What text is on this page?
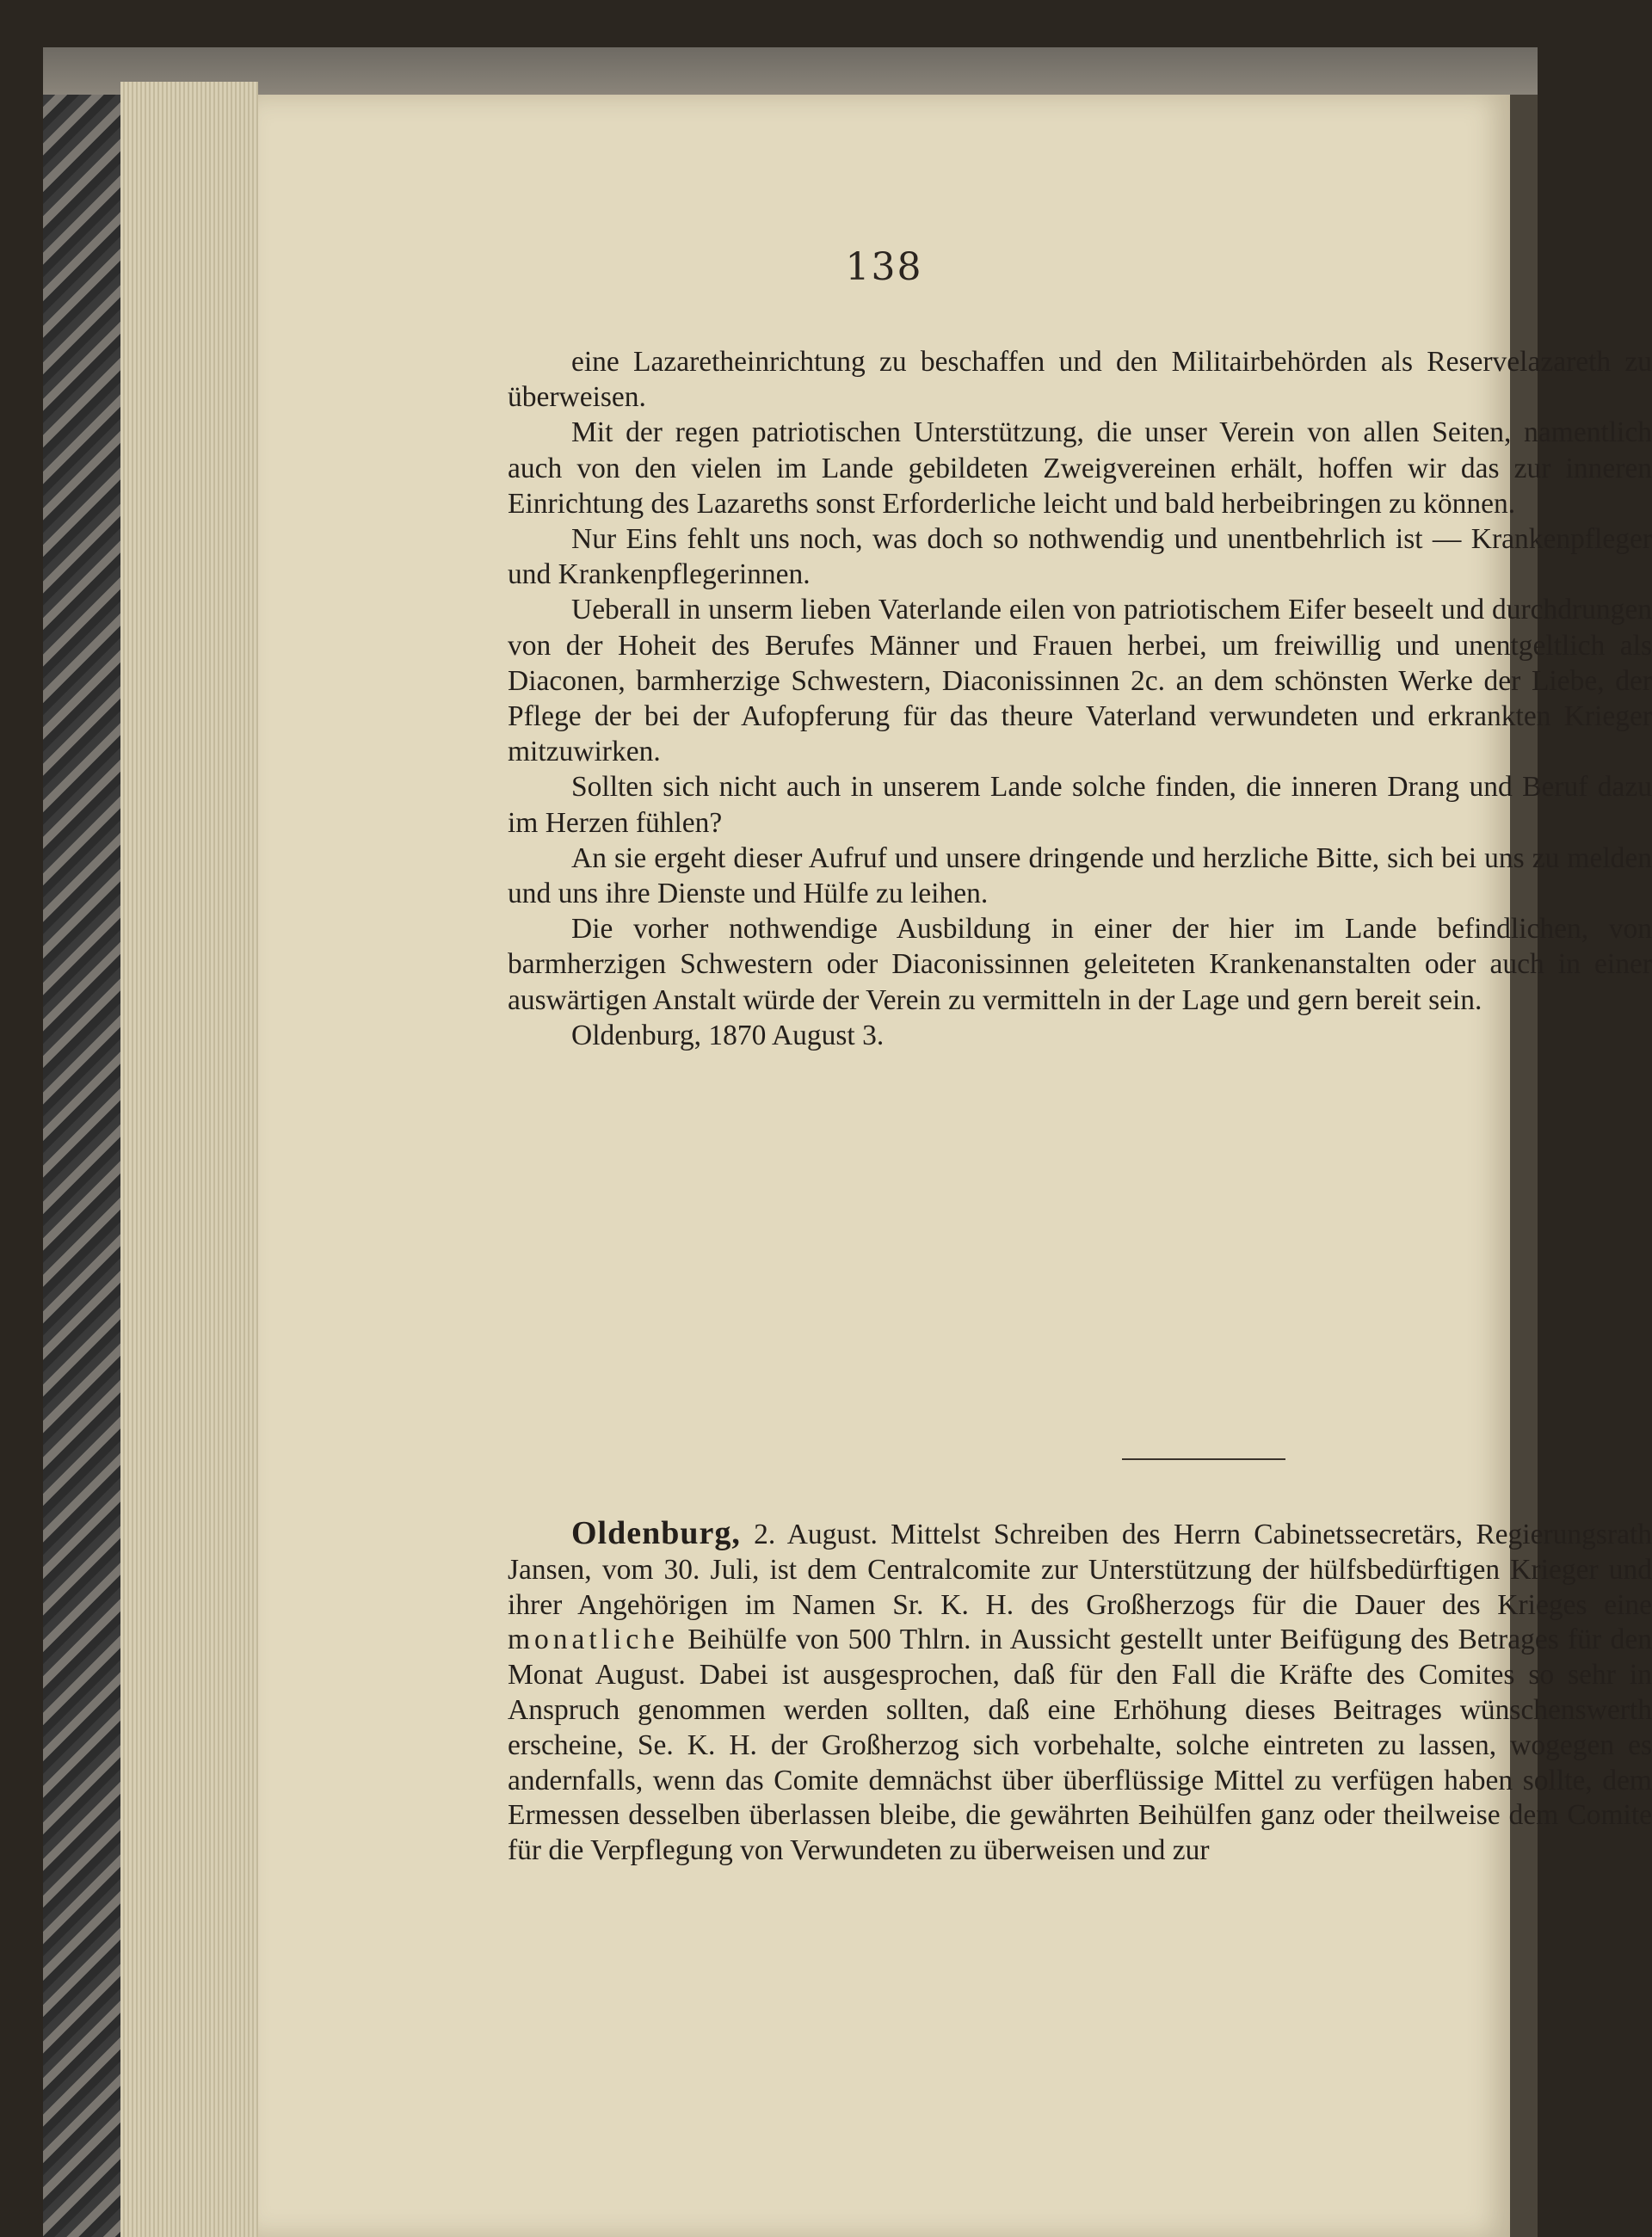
138

eine Lazaretheinrichtung zu beschaffen und den Militairbehörden als Reservelazareth zu überweisen.

Mit der regen patriotischen Unterstützung, die unser Verein von allen Seiten, namentlich auch von den vielen im Lande gebildeten Zweigvereinen erhält, hoffen wir das zur inneren Einrichtung des Lazareths sonst Erforderliche leicht und bald herbeibringen zu können.

Nur Eins fehlt uns noch, was doch so nothwendig und unentbehrlich ist — Krankenpfleger und Krankenpflegerinnen.

Ueberall in unserm lieben Vaterlande eilen von patriotischem Eifer beseelt und durchdrungen von der Hoheit des Berufes Männer und Frauen herbei, um freiwillig und unentgeltlich als Diaconen, barmherzige Schwestern, Diaconissinnen 2c. an dem schönsten Werke der Liebe, der Pflege der bei der Aufopferung für das theure Vaterland verwundeten und erkrankten Krieger mitzuwirken.

Sollten sich nicht auch in unserem Lande solche finden, die inneren Drang und Beruf dazu im Herzen fühlen?

An sie ergeht dieser Aufruf und unsere dringende und herzliche Bitte, sich bei uns zu melden und uns ihre Dienste und Hülfe zu leihen.

Die vorher nothwendige Ausbildung in einer der hier im Lande befindlichen, von barmherzigen Schwestern oder Diaconissinnen geleiteten Krankenanstalten oder auch in einer auswärtigen Anstalt würde der Verein zu vermitteln in der Lage und gern bereit sein.

Oldenburg, 1870 August 3.

Oldenburg, 2. August. Mittelst Schreiben des Herrn Cabinetssecretärs, Regierungsrath Jansen, vom 30. Juli, ist dem Centralcomite zur Unterstützung der hülfsbedürftigen Krieger und ihrer Angehörigen im Namen Sr. K. H. des Großherzogs für die Dauer des Krieges eine monatliche Beihülfe von 500 Thlrn. in Aussicht gestellt unter Beifügung des Betrages für den Monat August. Dabei ist ausgesprochen, daß für den Fall die Kräfte des Comites so sehr in Anspruch genommen werden sollten, daß eine Erhöhung dieses Beitrages wünschenswerth erscheine, Se. K. H. der Großherzog sich vorbehalte, solche eintreten zu lassen, wogegen es andernfalls, wenn das Comite demnächst über überflüssige Mittel zu verfügen haben sollte, dem Ermessen desselben überlassen bleibe, die gewährten Beihülfen ganz oder theilweise dem Comite für die Verpflegung von Verwundeten zu überweisen und zur
